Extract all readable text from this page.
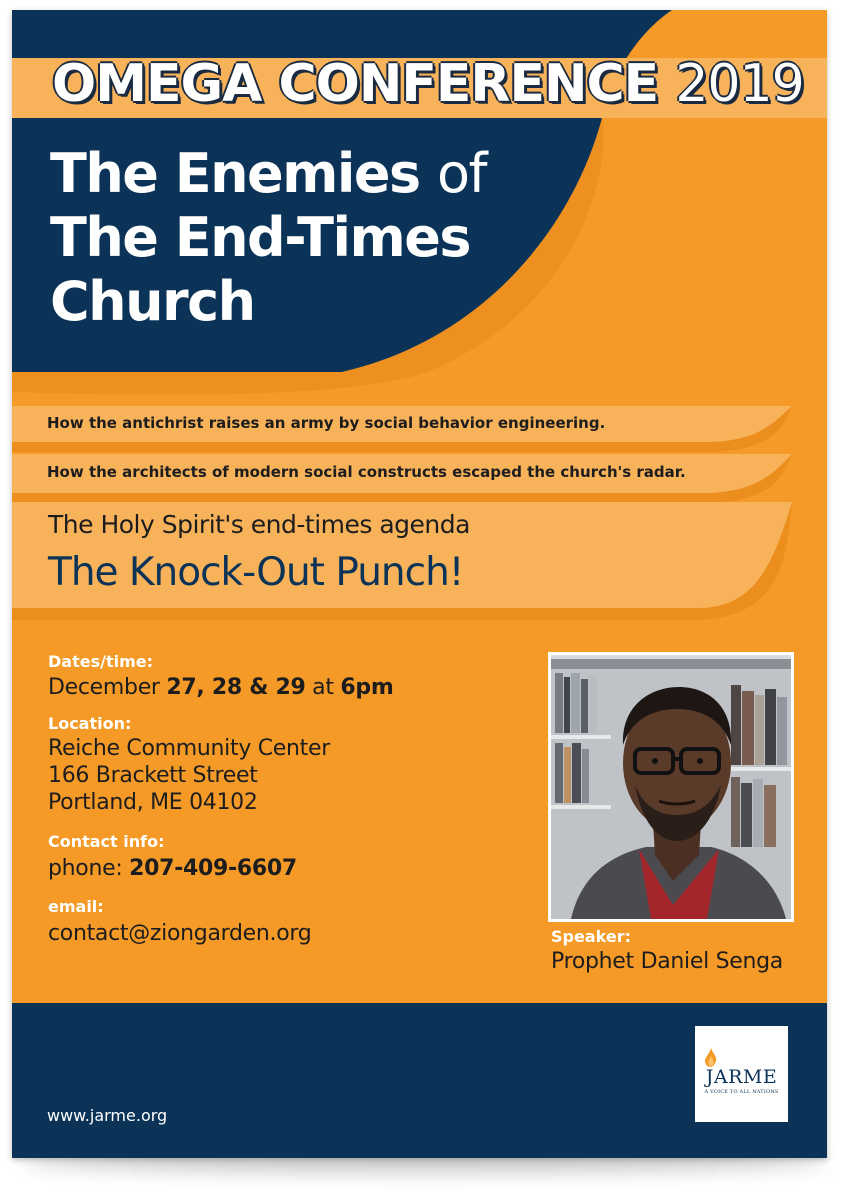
OMEGA CONFERENCE 2019
The Enemies of
The End-Times
Church
How the antichrist raises an army by social behavior engineering.
How the architects of modern social constructs escaped the church's radar.
The Holy Spirit's end-times agenda
The Knock-Out Punch!
Dates/time:
December 27, 28 & 29 at 6pm
Location:
Reiche Community Center
166 Brackett Street
Portland, ME 04102
Contact info:
phone: 207-409-6607
email:
contact@ziongarden.org	Speaker:
Prophet Daniel Senga
www.jarme.org
JARME
A VOICE TO ALL NATIONS
